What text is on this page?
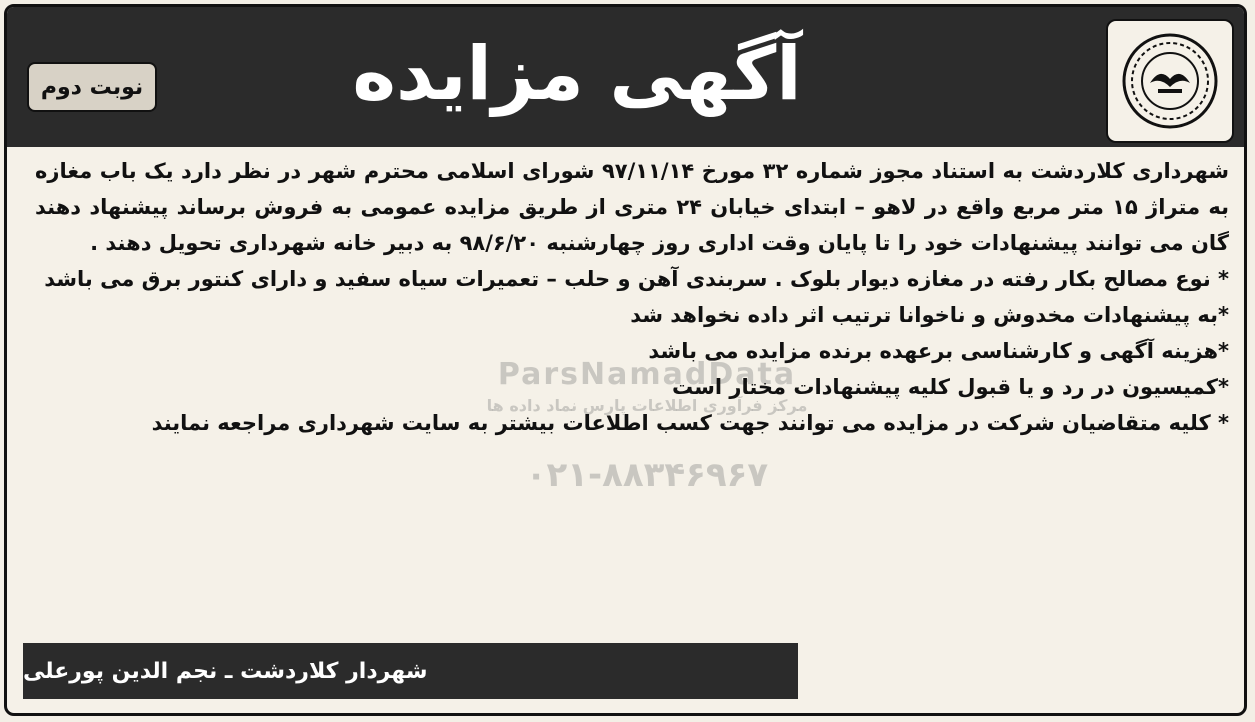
نوبت دوم	آگهی مزایده
ParsNamadData
مرکز فرآوری اطلاعات پارس نماد داده ها
۰۲۱-۸۸۳۴۶۹۶۷

شهرداری کلاردشت به استناد مجوز شماره ۳۲ مورخ ۹۷/۱۱/۱۴ شورای اسلامی محترم شهر در نظر دارد یک باب مغازه به متراژ ۱۵ متر مربع واقع در لاهو – ابتدای خیابان ۲۴ متری از طریق مزایده عمومی به فروش برساند پیشنهاد دهند گان می توانند پیشنهادات خود را تا پایان وقت اداری روز چهارشنبه ۹۸/۶/۲۰ به دبیر خانه شهرداری تحویل دهند .

* نوع مصالح بکار رفته در مغازه دیوار بلوک . سربندی آهن و حلب – تعمیرات سیاه سفید و دارای کنتور برق می باشد

*به پیشنهادات مخدوش و ناخوانا ترتیب اثر داده نخواهد شد

*هزینه آگهی و کارشناسی برعهده برنده مزایده می باشد

*کمیسیون در رد و یا قبول کلیه پیشنهادات مختار است

* کلیه متقاضیان شرکت در مزایده می توانند جهت کسب اطلاعات بیشتر به سایت شهرداری مراجعه نمایند

شهردار کلاردشت ـ نجم الدین پورعلی
